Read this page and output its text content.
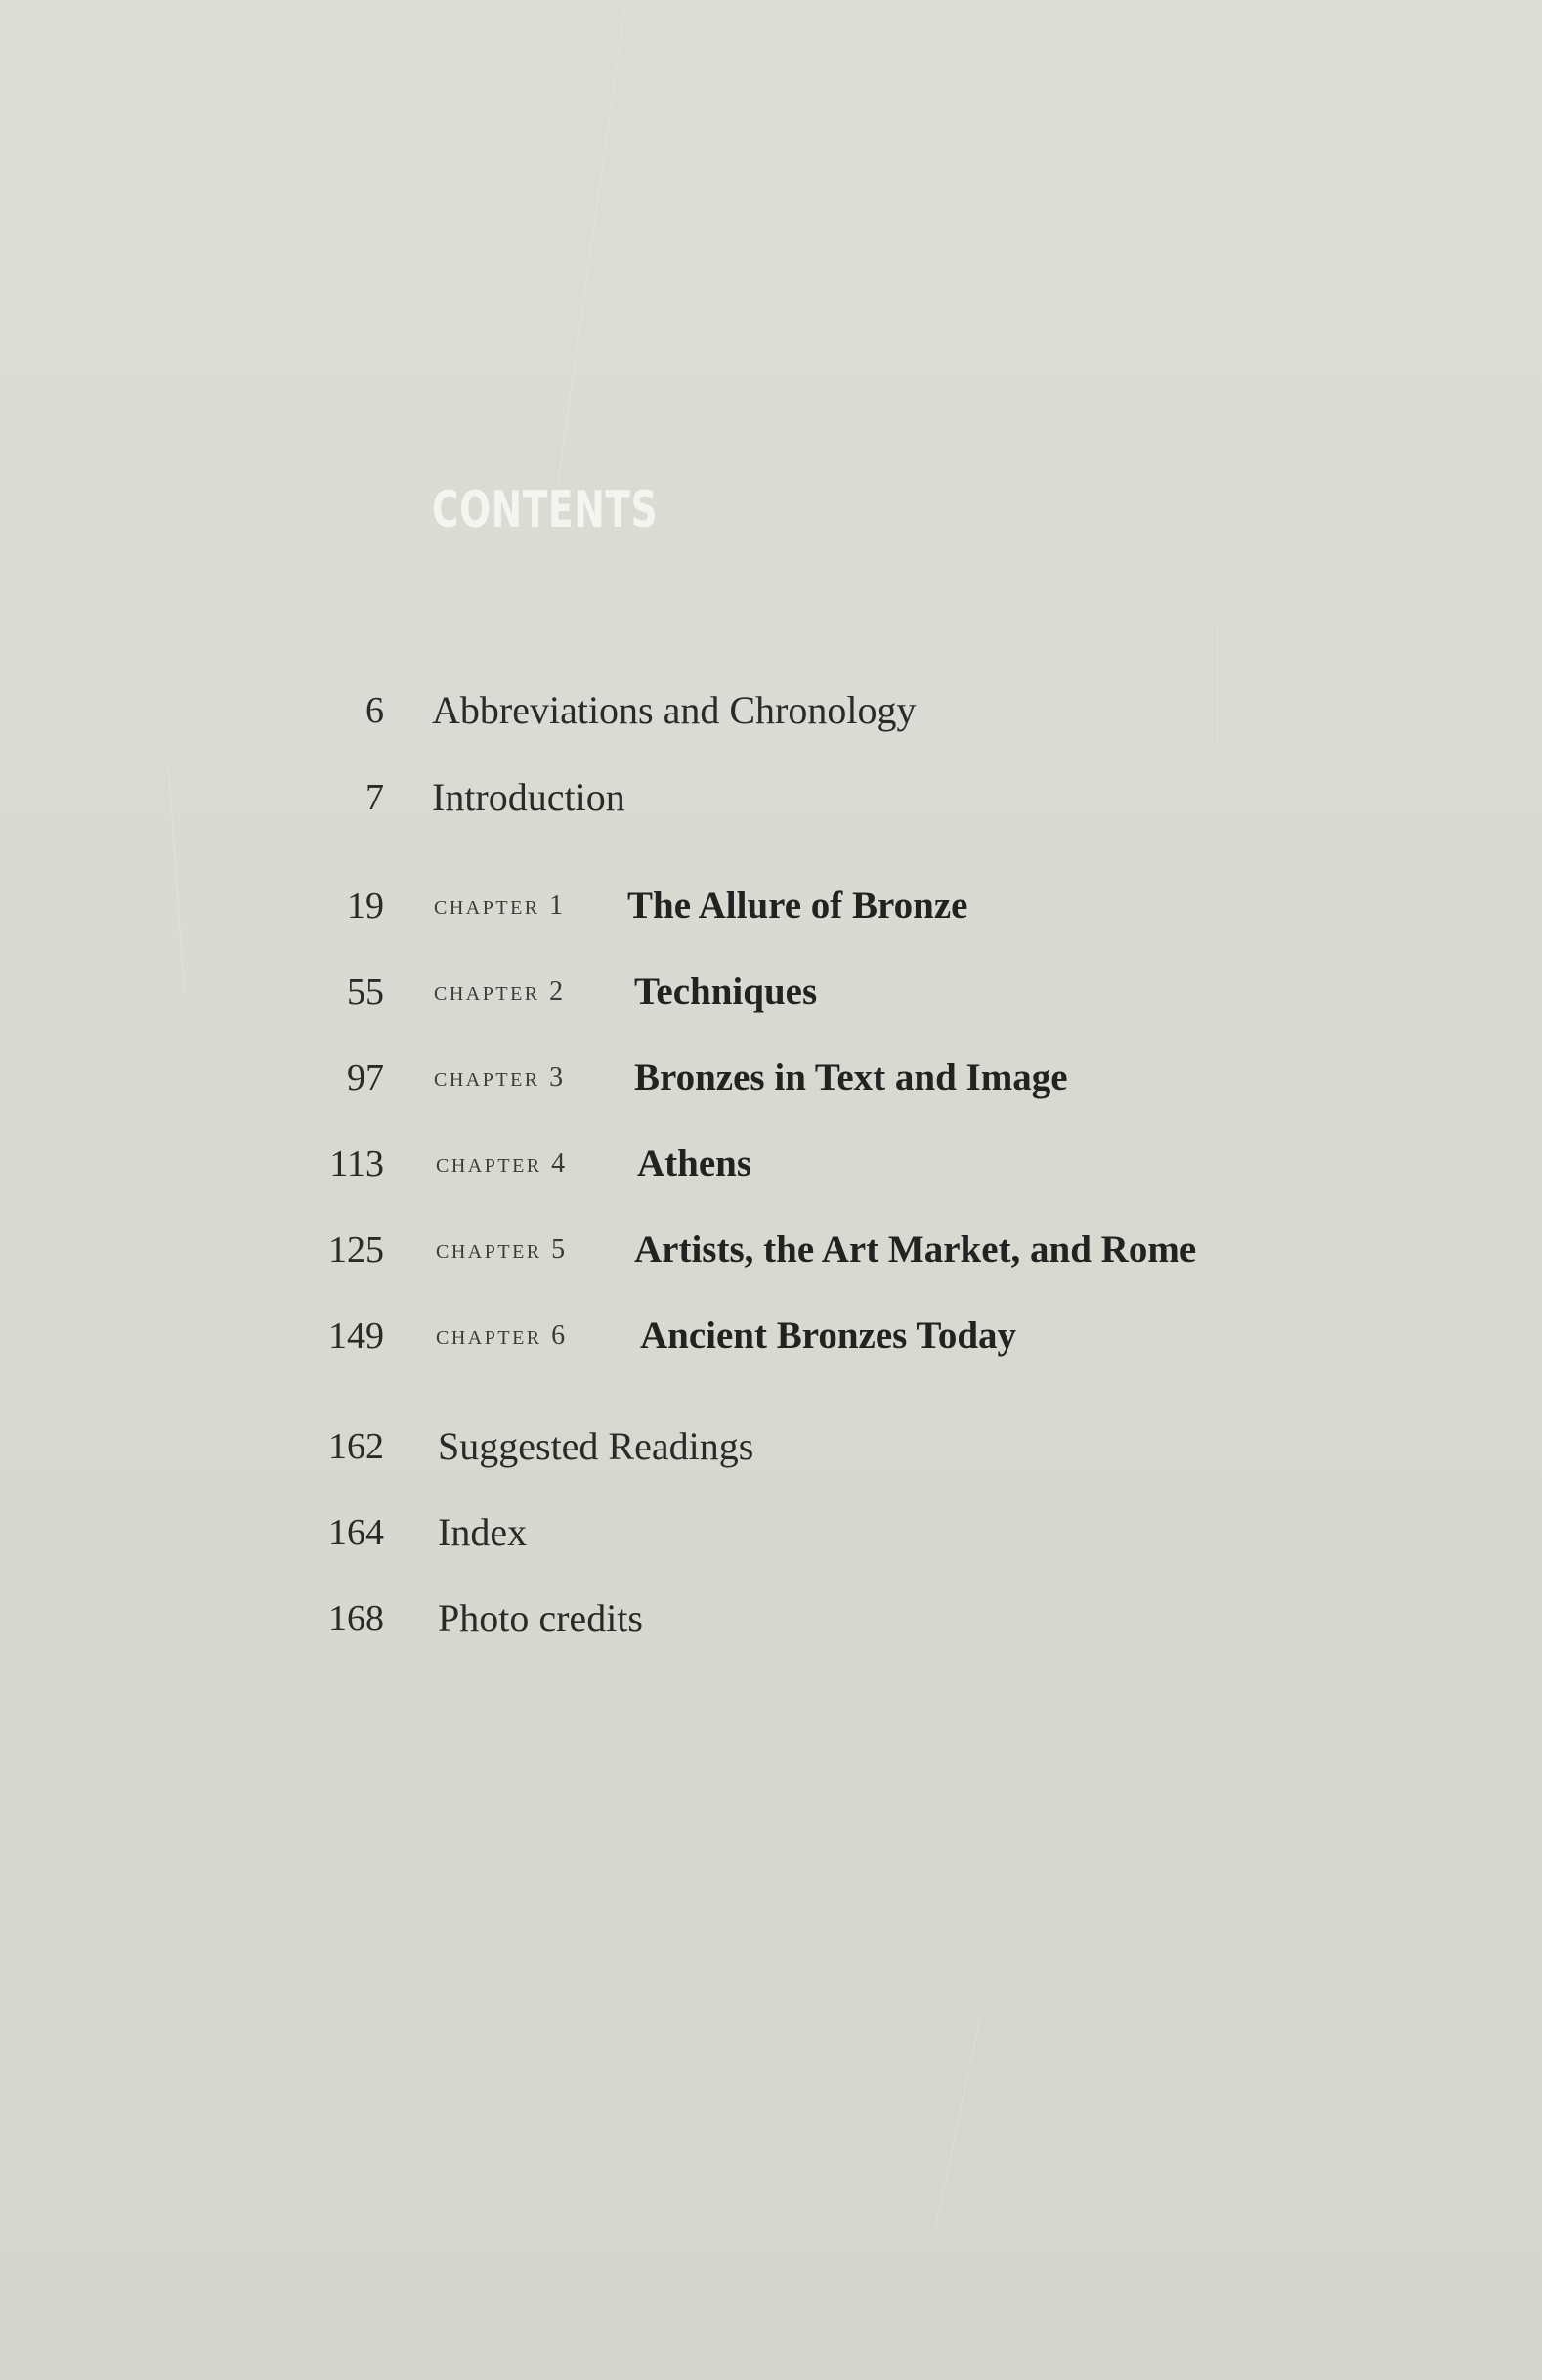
CONTENTS
6 Abbreviations and Chronology
7 Introduction
19 chapter 1 The Allure of Bronze
55 chapter 2 Techniques
97 chapter 3 Bronzes in Text and Image
113 chapter 4 Athens
125 chapter 5 Artists, the Art Market, and Rome
149 chapter 6 Ancient Bronzes Today
162 Suggested Readings
164 Index
168 Photo credits
